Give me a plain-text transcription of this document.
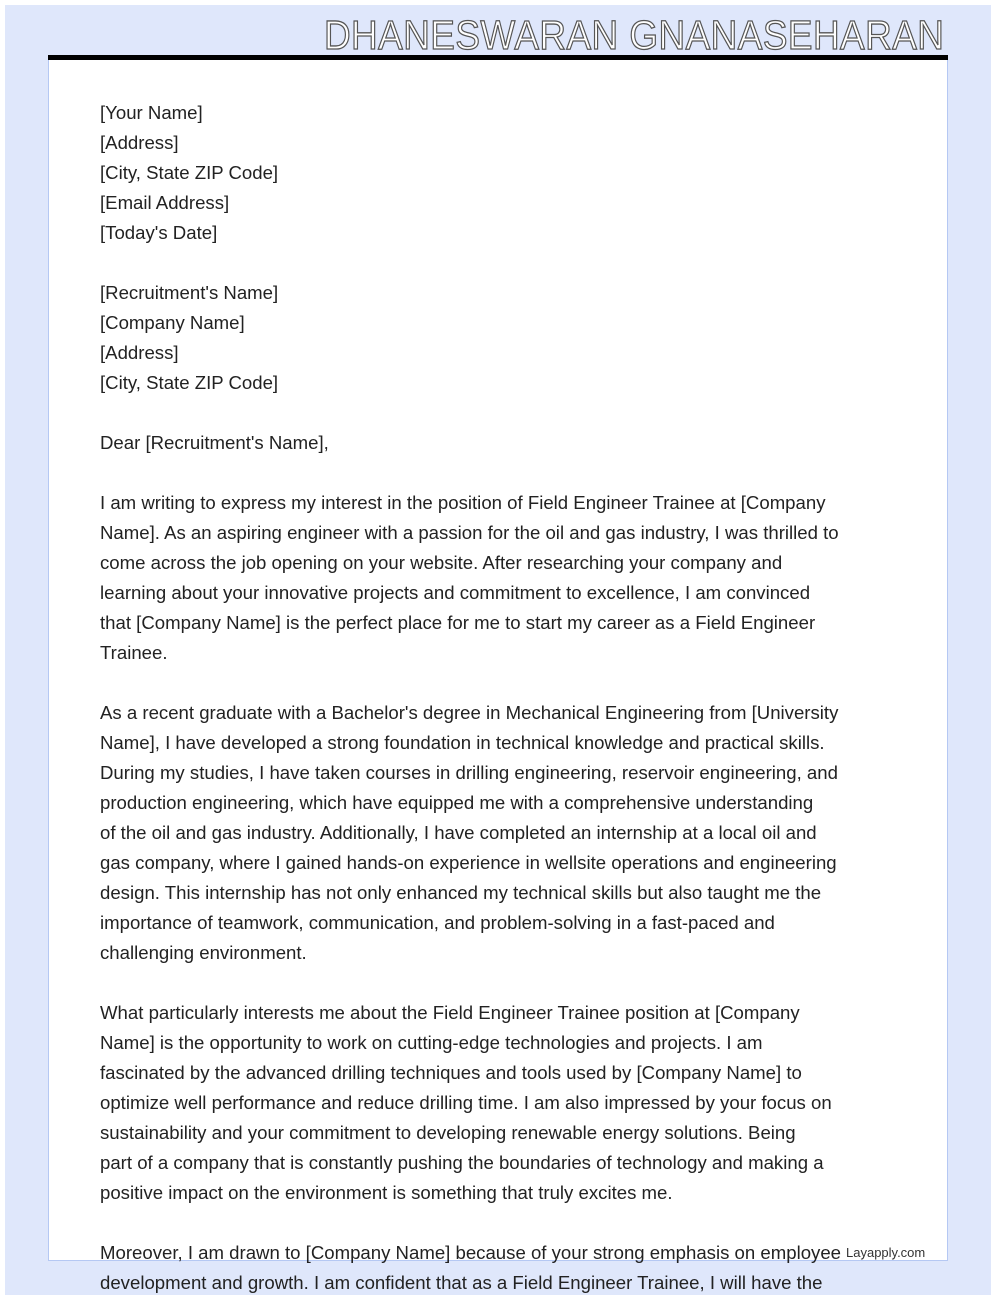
DHANESWARAN GNANASEHARAN
[Your Name]
[Address]
[City, State ZIP Code]
[Email Address]
[Today's Date]
[Recruitment's Name]
[Company Name]
[Address]
[City, State ZIP Code]
Dear [Recruitment's Name],
I am writing to express my interest in the position of Field Engineer Trainee at [Company
Name]. As an aspiring engineer with a passion for the oil and gas industry, I was thrilled to
come across the job opening on your website. After researching your company and
learning about your innovative projects and commitment to excellence, I am convinced
that [Company Name] is the perfect place for me to start my career as a Field Engineer
Trainee.
As a recent graduate with a Bachelor's degree in Mechanical Engineering from [University
Name], I have developed a strong foundation in technical knowledge and practical skills.
During my studies, I have taken courses in drilling engineering, reservoir engineering, and
production engineering, which have equipped me with a comprehensive understanding
of the oil and gas industry. Additionally, I have completed an internship at a local oil and
gas company, where I gained hands-on experience in wellsite operations and engineering
design. This internship has not only enhanced my technical skills but also taught me the
importance of teamwork, communication, and problem-solving in a fast-paced and
challenging environment.
What particularly interests me about the Field Engineer Trainee position at [Company
Name] is the opportunity to work on cutting-edge technologies and projects. I am
fascinated by the advanced drilling techniques and tools used by [Company Name] to
optimize well performance and reduce drilling time. I am also impressed by your focus on
sustainability and your commitment to developing renewable energy solutions. Being
part of a company that is constantly pushing the boundaries of technology and making a
positive impact on the environment is something that truly excites me.
Moreover, I am drawn to [Company Name] because of your strong emphasis on employee
development and growth. I am confident that as a Field Engineer Trainee, I will have the
Layapply.com
